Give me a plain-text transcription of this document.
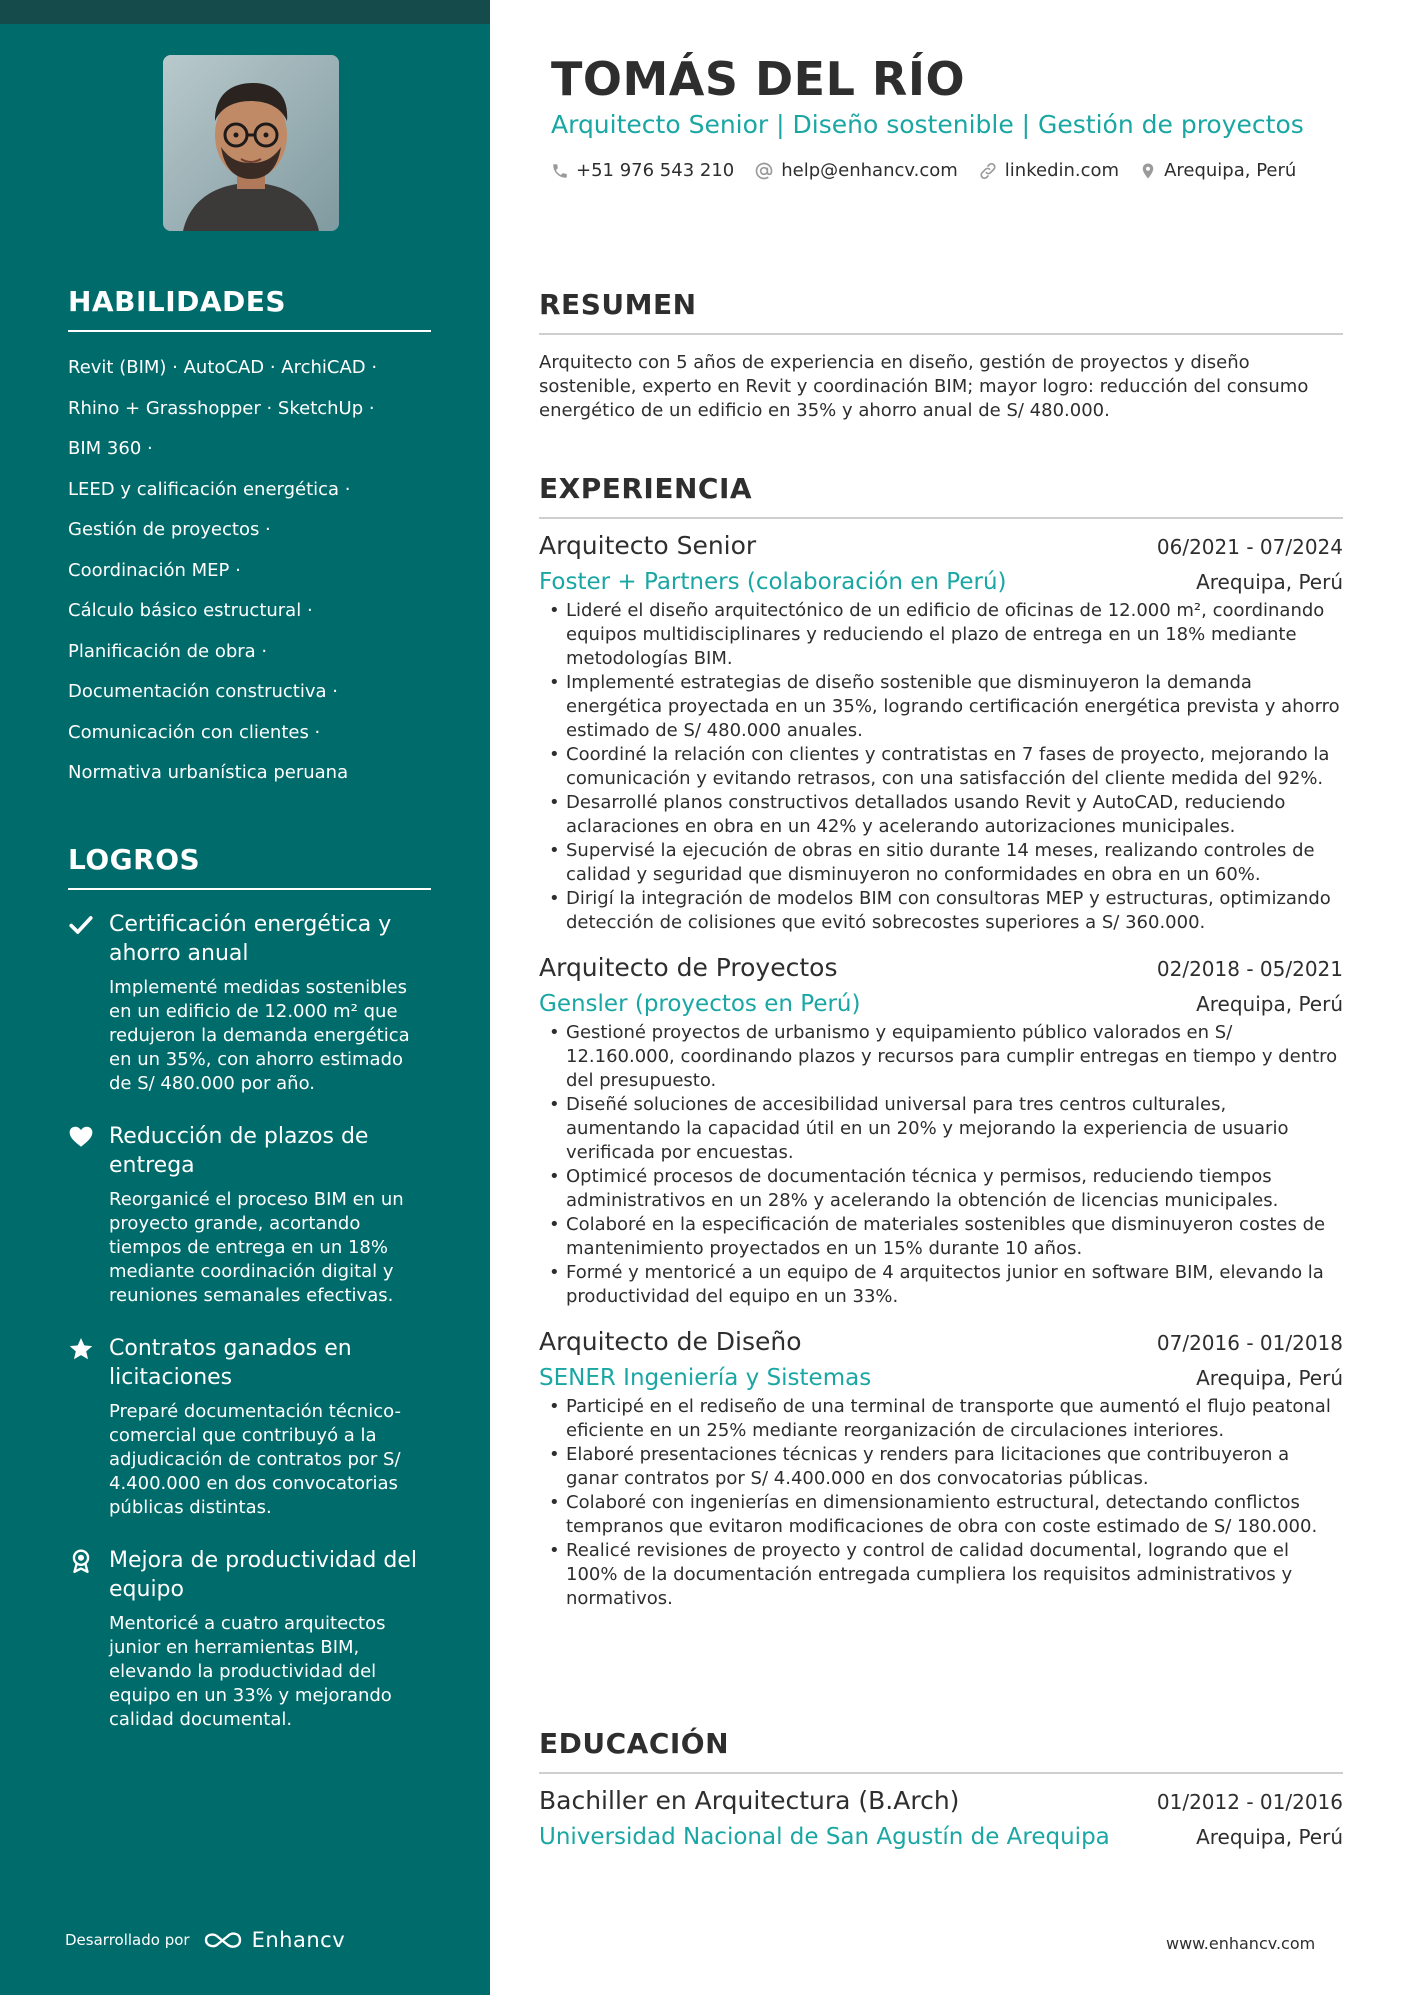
HABILIDADES
Revit (BIM) · AutoCAD · ArchiCAD ·
Rhino + Grasshopper · SketchUp ·
BIM 360 ·
LEED y calificación energética ·
Gestión de proyectos ·
Coordinación MEP ·
Cálculo básico estructural ·
Planificación de obra ·
Documentación constructiva ·
Comunicación con clientes ·
Normativa urbanística peruana
LOGROS
Certificación energética y ahorro anual
Implementé medidas sostenibles en un edificio de 12.000 m² que redujeron la demanda energética en un 35%, con ahorro estimado de S/ 480.000 por año.
Reducción de plazos de entrega
Reorganicé el proceso BIM en un proyecto grande, acortando tiempos de entrega en un 18% mediante coordinación digital y reuniones semanales efectivas.
Contratos ganados en licitaciones
Preparé documentación técnico-comercial que contribuyó a la adjudicación de contratos por S/ 4.400.000 en dos convocatorias públicas distintas.
Mejora de productividad del equipo
Mentoricé a cuatro arquitectos junior en herramientas BIM, elevando la productividad del equipo en un 33% y mejorando calidad documental.
Desarrollado por	Enhancv
TOMÁS DEL RÍO
Arquitecto Senior | Diseño sostenible | Gestión de proyectos
+51 976 543 210	help@enhancv.com	linkedin.com	Arequipa, Perú
RESUMEN

Arquitecto con 5 años de experiencia en diseño, gestión de proyectos y diseño sostenible, experto en Revit y coordinación BIM; mayor logro: reducción del consumo energético de un edificio en 35% y ahorro anual de S/ 480.000.

EXPERIENCIA
Arquitecto Senior	06/2021 - 07/2024
Foster + Partners (colaboración en Perú)	Arequipa, Perú
• Lideré el diseño arquitectónico de un edificio de oficinas de 12.000 m², coordinando equipos multidisciplinares y reduciendo el plazo de entrega en un 18% mediante metodologías BIM.
• Implementé estrategias de diseño sostenible que disminuyeron la demanda energética proyectada en un 35%, logrando certificación energética prevista y ahorro estimado de S/ 480.000 anuales.
• Coordiné la relación con clientes y contratistas en 7 fases de proyecto, mejorando la comunicación y evitando retrasos, con una satisfacción del cliente medida del 92%.
• Desarrollé planos constructivos detallados usando Revit y AutoCAD, reduciendo aclaraciones en obra en un 42% y acelerando autorizaciones municipales.
• Supervisé la ejecución de obras en sitio durante 14 meses, realizando controles de calidad y seguridad que disminuyeron no conformidades en obra en un 60%.
• Dirigí la integración de modelos BIM con consultoras MEP y estructuras, optimizando detección de colisiones que evitó sobrecostes superiores a S/ 360.000.
Arquitecto de Proyectos	02/2018 - 05/2021
Gensler (proyectos en Perú)	Arequipa, Perú
• Gestioné proyectos de urbanismo y equipamiento público valorados en S/ 12.160.000, coordinando plazos y recursos para cumplir entregas en tiempo y dentro del presupuesto.
• Diseñé soluciones de accesibilidad universal para tres centros culturales, aumentando la capacidad útil en un 20% y mejorando la experiencia de usuario verificada por encuestas.
• Optimicé procesos de documentación técnica y permisos, reduciendo tiempos administrativos en un 28% y acelerando la obtención de licencias municipales.
• Colaboré en la especificación de materiales sostenibles que disminuyeron costes de mantenimiento proyectados en un 15% durante 10 años.
• Formé y mentoricé a un equipo de 4 arquitectos junior en software BIM, elevando la productividad del equipo en un 33%.
Arquitecto de Diseño	07/2016 - 01/2018
SENER Ingeniería y Sistemas	Arequipa, Perú
• Participé en el rediseño de una terminal de transporte que aumentó el flujo peatonal eficiente en un 25% mediante reorganización de circulaciones interiores.
• Elaboré presentaciones técnicas y renders para licitaciones que contribuyeron a ganar contratos por S/ 4.400.000 en dos convocatorias públicas.
• Colaboré con ingenierías en dimensionamiento estructural, detectando conflictos tempranos que evitaron modificaciones de obra con coste estimado de S/ 180.000.
• Realicé revisiones de proyecto y control de calidad documental, logrando que el 100% de la documentación entregada cumpliera los requisitos administrativos y normativos.
EDUCACIÓN
Bachiller en Arquitectura (B.Arch)	01/2012 - 01/2016
Universidad Nacional de San Agustín de Arequipa	Arequipa, Perú
www.enhancv.com
